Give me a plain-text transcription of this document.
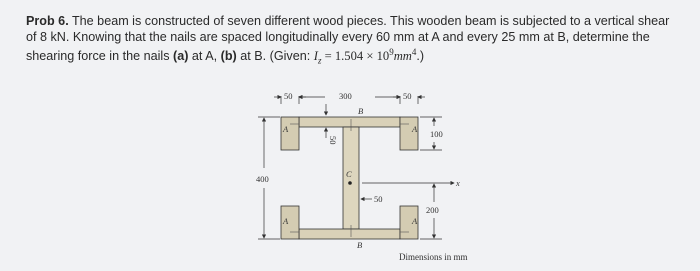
Prob 6. The beam is constructed of seven different wood pieces. This wooden beam is subjected to a vertical shear of 8 kN. Knowing that the nails are spaced longitudinally every 60 mm at A and every 25 mm at B, determine the shearing force in the nails (a) at A, (b) at B. (Given: $I_z = 1.504 \times 10^9mm^4$.)
50	300	50
400
50
100
200
x
50
C
A	A
A	A
B
B
Dimensions in mm
